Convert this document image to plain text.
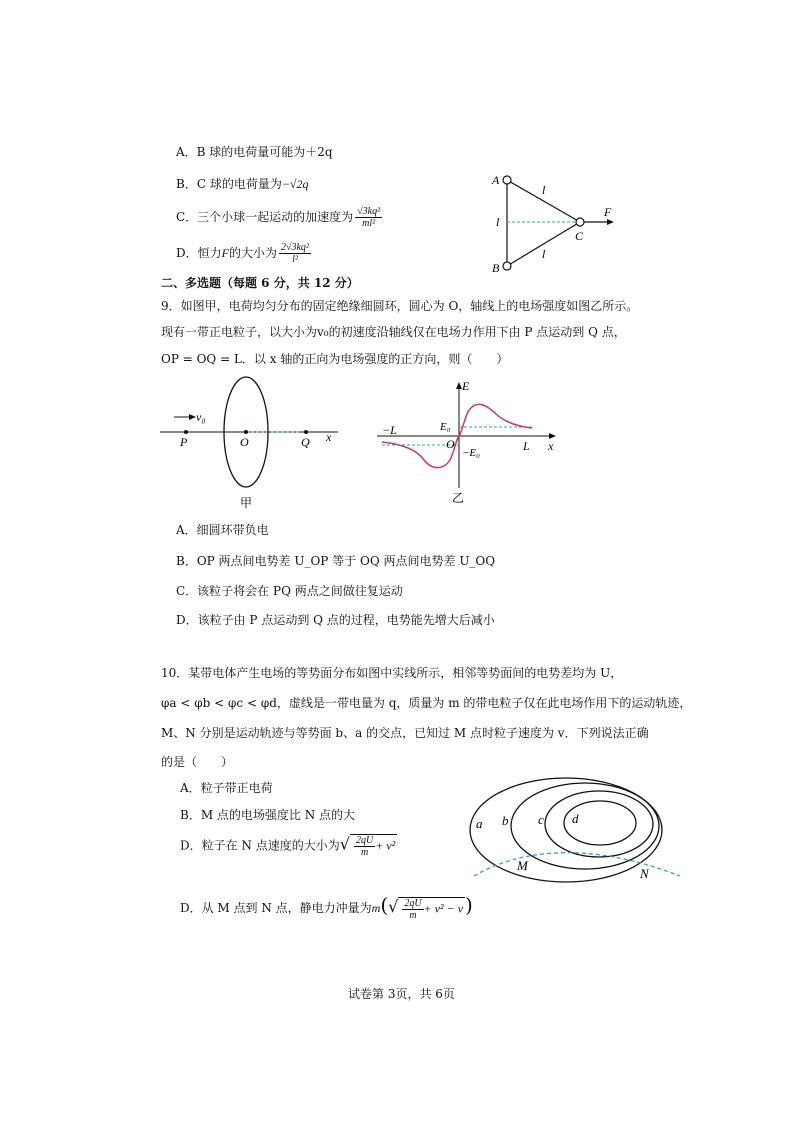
A．B 球的电荷量可能为＋2q
B．C 球的电荷量为−√2q
C．三个小球一起运动的加速度为 $\frac{\text{√3kq²}}{\text{ml²}}$
D．恒力F的大小为 $\frac{\text{2√3kq²}}{\text{l²}}$
A
B
C
F
l
l
l
二、多选题（每题 6 分，共 12 分）
9．如图甲，电荷均匀分布的固定绝缘细圆环，圆心为 O，轴线上的电场强度如图乙所示。
现有一带正电粒子，以大小为v₀的初速度沿轴线仅在电场力作用下由 P 点运动到 Q 点，
OP = OQ = L．以 x 轴的正向为电场强度的正方向，则（　　）
v₀
P	O	Q x
甲
E
E₀
−E₀
−L
O	L x
乙
A．细圆环带负电
B．OP 两点间电势差 U_OP 等于 OQ 两点间电势差 U_OQ
C．该粒子将会在 PQ 两点之间做往复运动
D．该粒子由 P 点运动到 Q 点的过程，电势能先增大后减小
10．某带电体产生电场的等势面分布如图中实线所示，相邻等势面间的电势差均为 U，
φa < φb < φc < φd，虚线是一带电量为 q，质量为 m 的带电粒子仅在此电场作用下的运动轨迹，
M、N 分别是运动轨迹与等势面 b、a 的交点，已知过 M 点时粒子速度为 v．下列说法正确
的是（　　）
A．粒子带正电荷
B．M 点的电场强度比 N 点的大
D．粒子在 N 点速度的大小为√ $\frac{2qU}{m} + v^2$
D．从 M 点到 N 点，静电力冲量为$m(√ \frac{2qU}{m} + v^2 - v$ )
a b c d
M
N
试卷第 3页，共 6页
